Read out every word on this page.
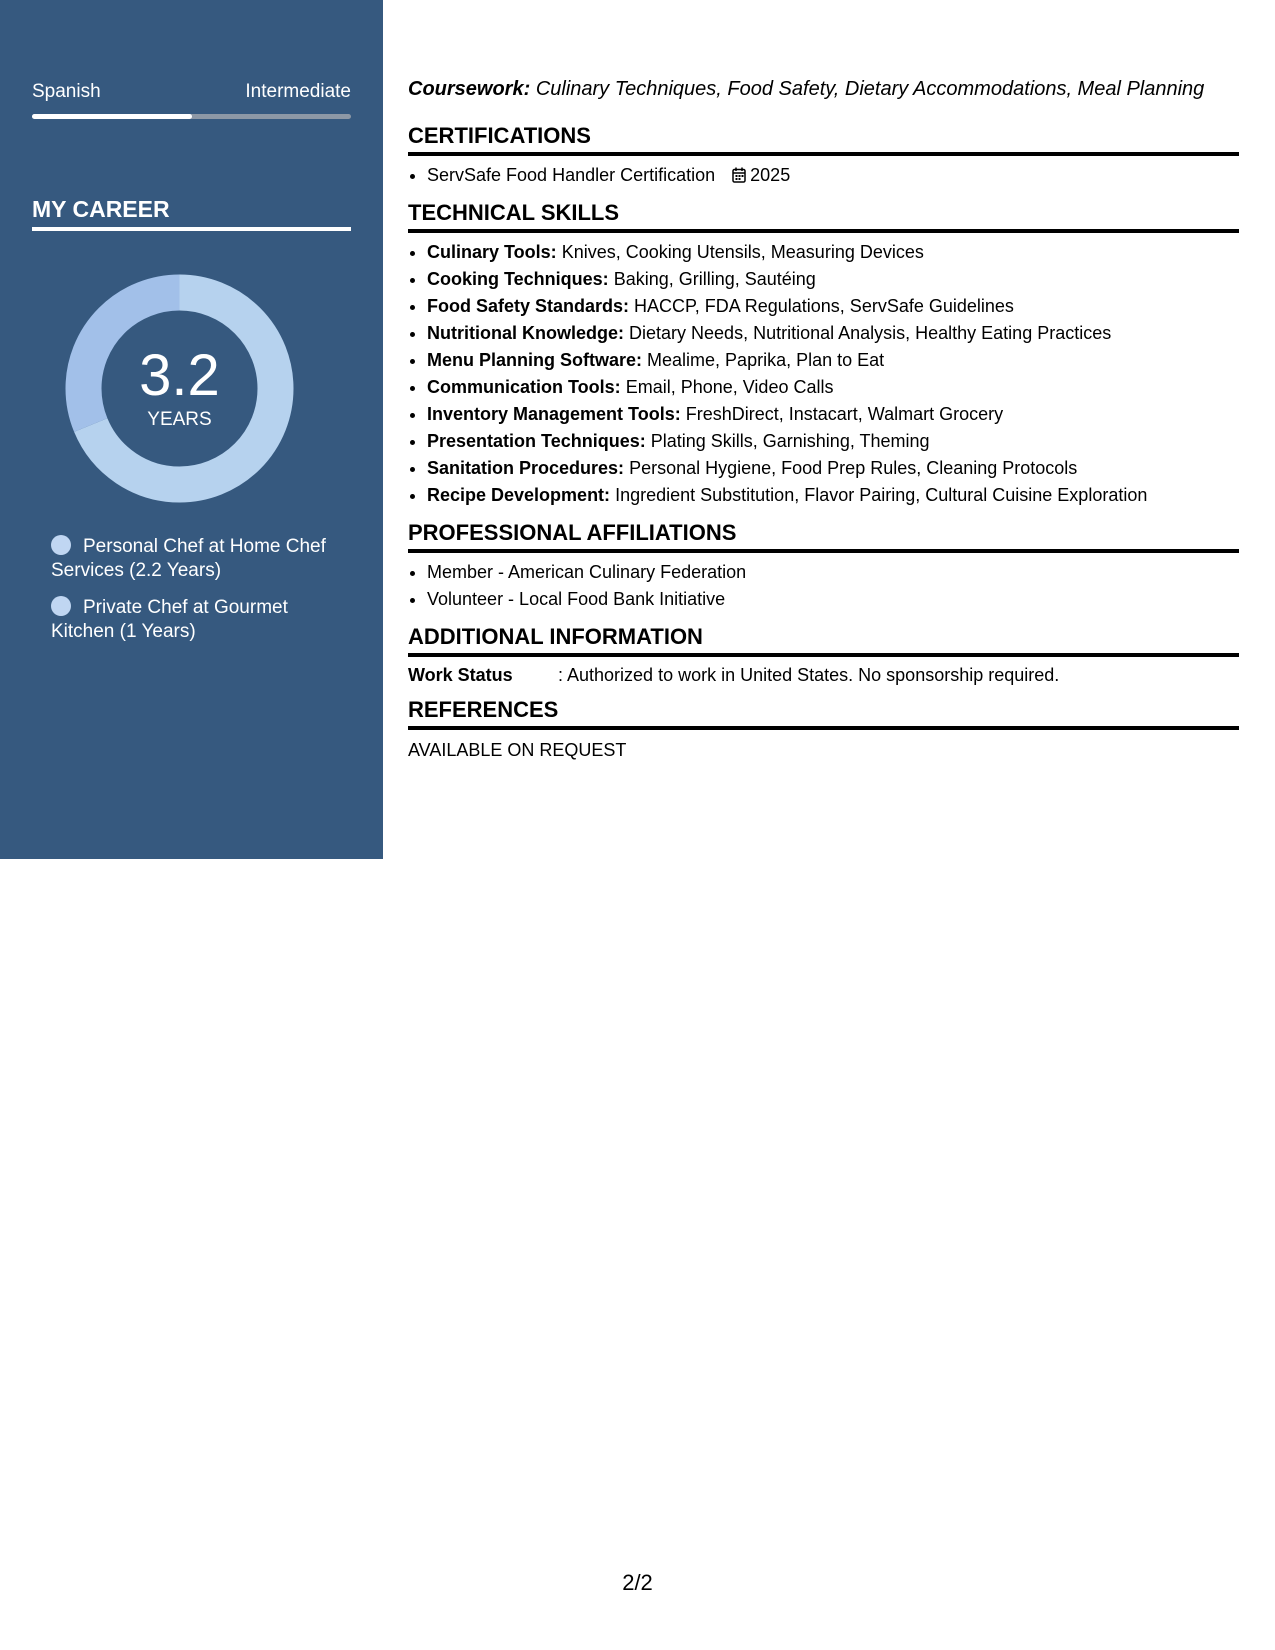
Spanish	Intermediate
MY CAREER
3.2
YEARS
Personal Chef at Home Chef Services (2.2 Years)
Private Chef at Gourmet Kitchen (1 Years)
Coursework: Culinary Techniques, Food Safety, Dietary Accommodations, Meal Planning
CERTIFICATIONS
• ServSafe Food Handler Certification 2025
TECHNICAL SKILLS
• Culinary Tools: Knives, Cooking Utensils, Measuring Devices
• Cooking Techniques: Baking, Grilling, Sautéing
• Food Safety Standards: HACCP, FDA Regulations, ServSafe Guidelines
• Nutritional Knowledge: Dietary Needs, Nutritional Analysis, Healthy Eating Practices
• Menu Planning Software: Mealime, Paprika, Plan to Eat
• Communication Tools: Email, Phone, Video Calls
• Inventory Management Tools: FreshDirect, Instacart, Walmart Grocery
• Presentation Techniques: Plating Skills, Garnishing, Theming
• Sanitation Procedures: Personal Hygiene, Food Prep Rules, Cleaning Protocols
• Recipe Development: Ingredient Substitution, Flavor Pairing, Cultural Cuisine Exploration
PROFESSIONAL AFFILIATIONS
• Member - American Culinary Federation
• Volunteer - Local Food Bank Initiative
ADDITIONAL INFORMATION
Work Status	: Authorized to work in United States. No sponsorship required.
REFERENCES
AVAILABLE ON REQUEST
2/2
